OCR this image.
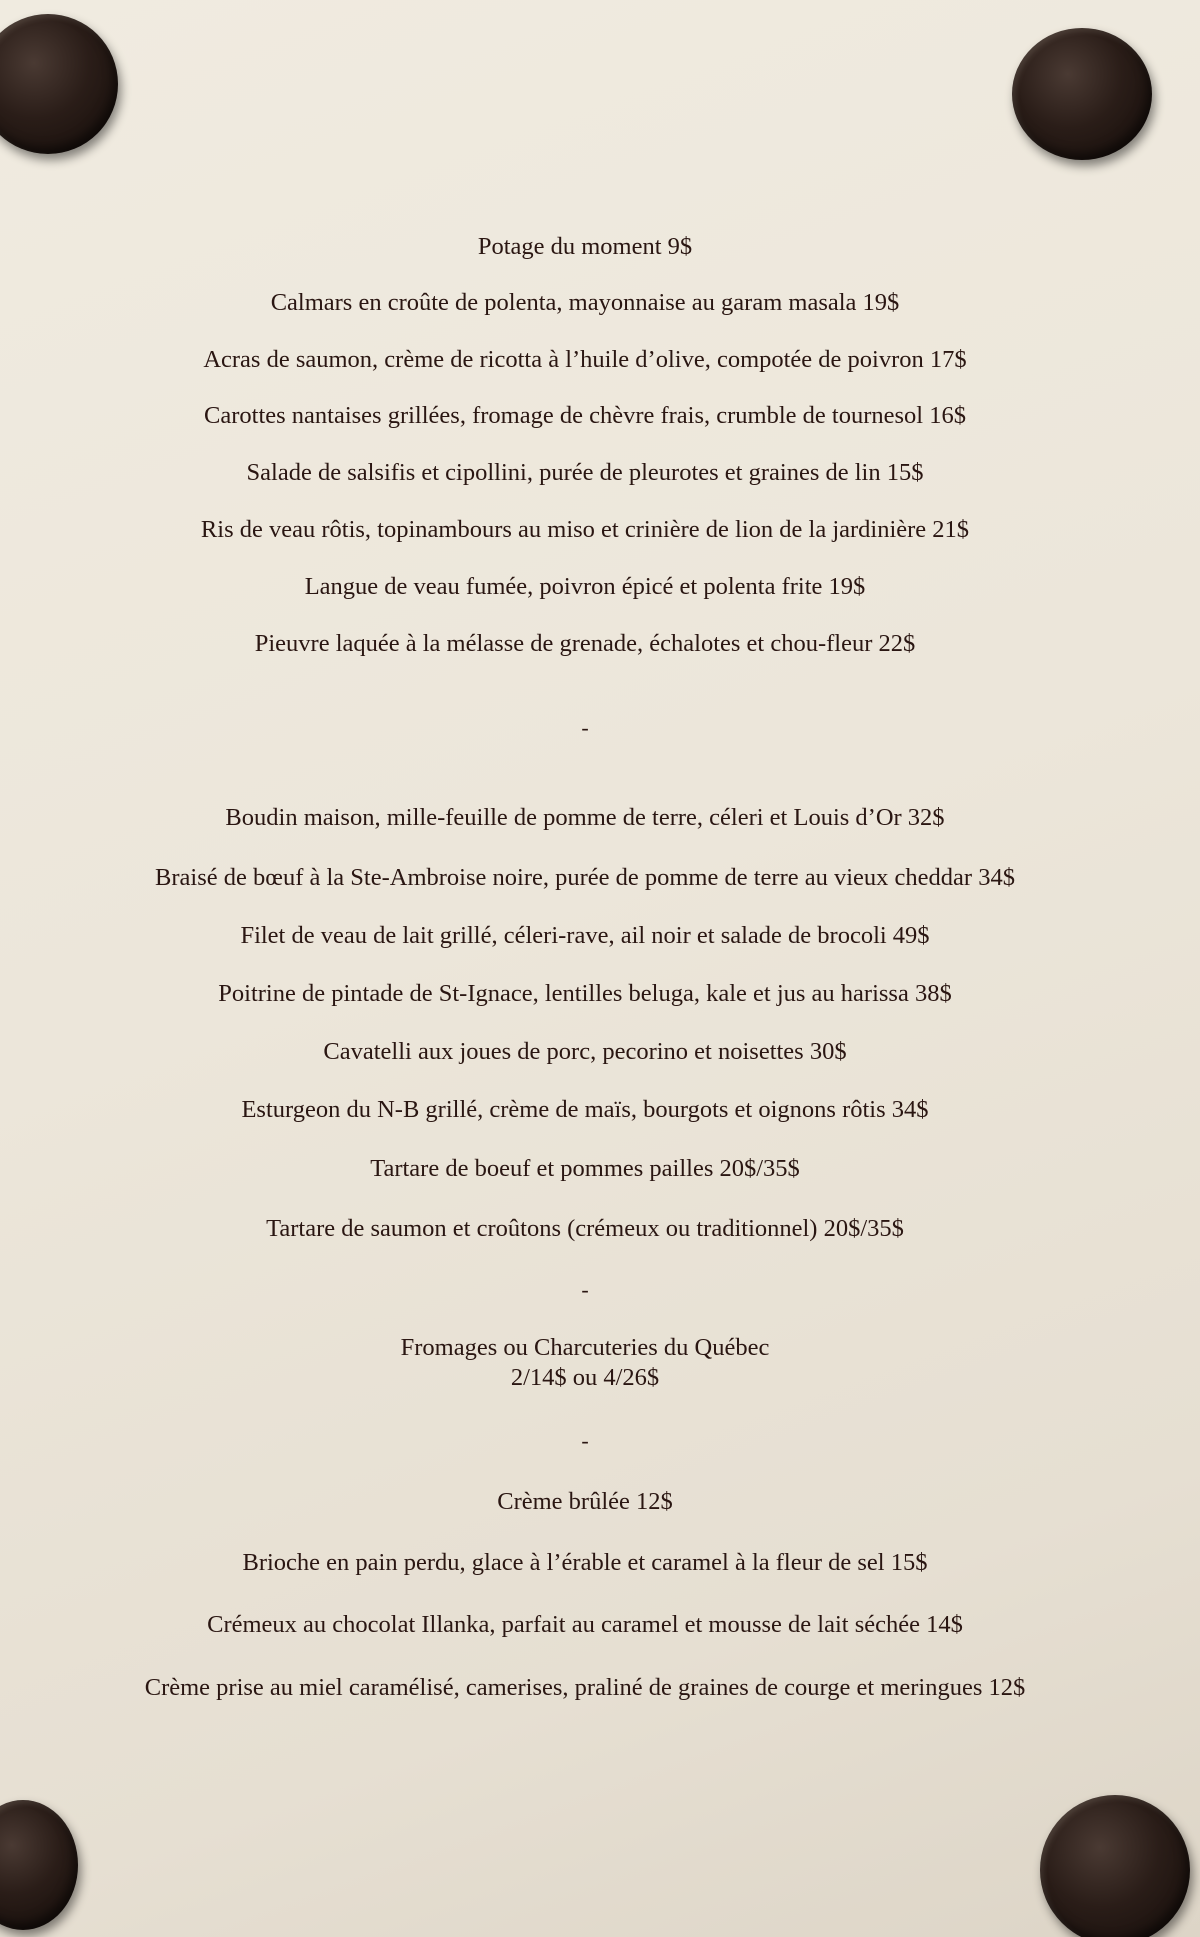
Potage du moment 9$
Calmars en croûte de polenta, mayonnaise au garam masala 19$
Acras de saumon, crème de ricotta à l’huile d’olive, compotée de poivron 17$
Carottes nantaises grillées, fromage de chèvre frais, crumble de tournesol 16$
Salade de salsifis et cipollini, purée de pleurotes et graines de lin 15$
Ris de veau rôtis, topinambours au miso et crinière de lion de la jardinière 21$
Langue de veau fumée, poivron épicé et polenta frite 19$
Pieuvre laquée à la mélasse de grenade, échalotes et chou-fleur 22$
-
Boudin maison, mille-feuille de pomme de terre, céleri et Louis d’Or 32$
Braisé de bœuf à la Ste-Ambroise noire, purée de pomme de terre au vieux cheddar 34$
Filet de veau de lait grillé, céleri-rave, ail noir et salade de brocoli 49$
Poitrine de pintade de St-Ignace, lentilles beluga, kale et jus au harissa 38$
Cavatelli aux joues de porc, pecorino et noisettes 30$
Esturgeon du N-B grillé, crème de maïs, bourgots et oignons rôtis 34$
Tartare de boeuf et pommes pailles 20$/35$
Tartare de saumon et croûtons (crémeux ou traditionnel) 20$/35$
-
Fromages ou Charcuteries du Québec
2/14$ ou 4/26$
-
Crème brûlée 12$
Brioche en pain perdu, glace à l’érable et caramel à la fleur de sel 15$
Crémeux au chocolat Illanka, parfait au caramel et mousse de lait séchée 14$
Crème prise au miel caramélisé, camerises, praliné de graines de courge et meringues 12$
